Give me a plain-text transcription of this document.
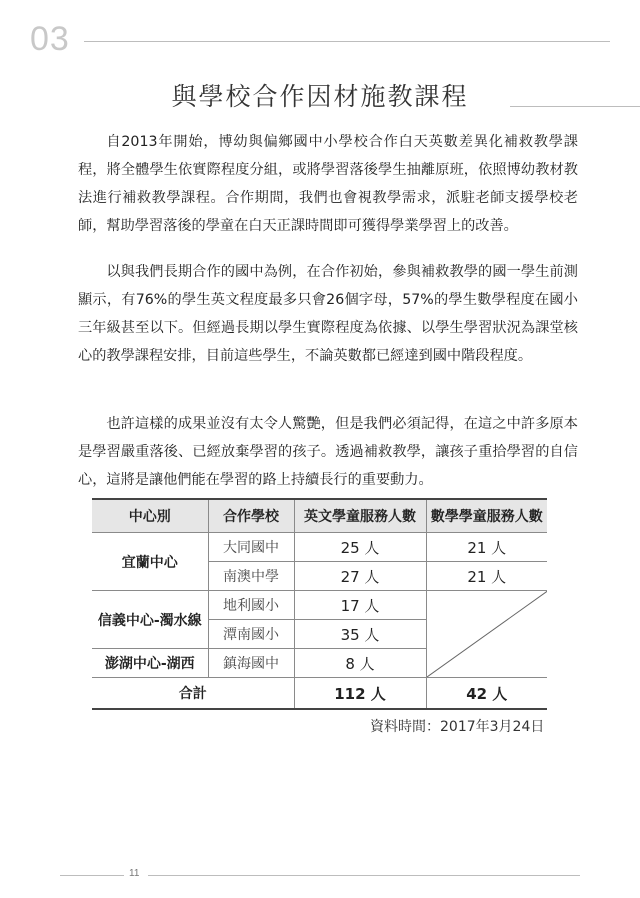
03
與學校合作因材施教課程

自2013年開始，博幼與偏鄉國中小學校合作白天英數差異化補救教學課程，將全體學生依實際程度分組，或將學習落後學生抽離原班，依照博幼教材教法進行補救教學課程。合作期間，我們也會視教學需求，派駐老師支援學校老師，幫助學習落後的學童在白天正課時間即可獲得學業學習上的改善。

以與我們長期合作的國中為例，在合作初始，參與補救教學的國一學生前測顯示，有76%的學生英文程度最多只會26個字母，57%的學生數學程度在國小三年級甚至以下。但經過長期以學生實際程度為依據、以學生學習狀況為課堂核心的教學課程安排，目前這些學生，不論英數都已經達到國中階段程度。

也許這樣的成果並沒有太令人驚艷，但是我們必須記得，在這之中許多原本是學習嚴重落後、已經放棄學習的孩子。透過補救教學，讓孩子重拾學習的自信心，這將是讓他們能在學習的路上持續長行的重要動力。

中心別	合作學校	英文學童服務人數	數學學童服務人數
宜蘭中心	大同國中	25 人	21 人
	南澳中學	27 人	21 人
信義中心-濁水線	地利國小	17 人	

	潭南國小	35 人	
澎湖中心-湖西	鎮海國中	8 人	
合計		112 人	42 人
資料時間：2017年3月24日
11
